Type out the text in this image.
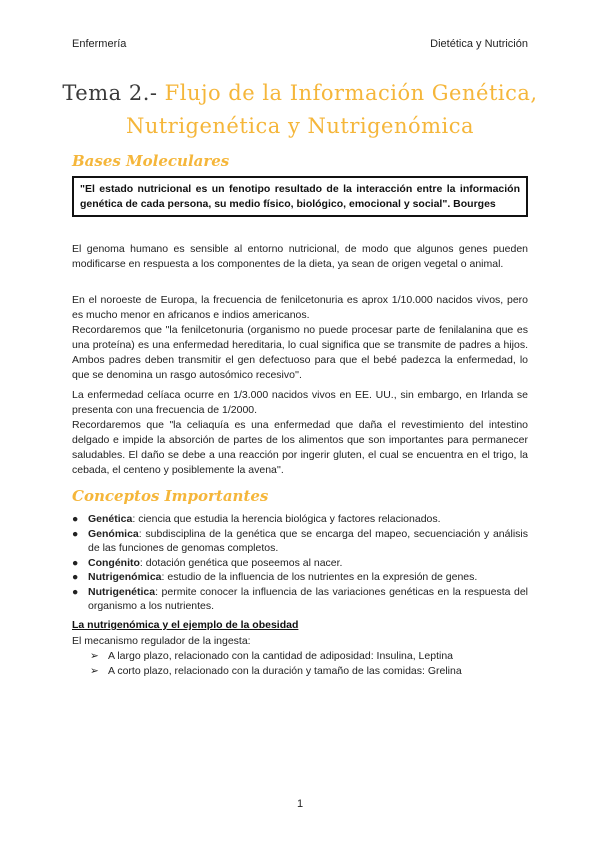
Enfermería	Dietética y Nutrición
Tema 2.- Flujo de la Información Genética,
Nutrigenética y Nutrigenómica
Bases Moleculares
"El estado nutricional es un fenotipo resultado de la interacción entre la información genética de cada persona, su medio físico, biológico, emocional y social". Bourges
El genoma humano es sensible al entorno nutricional, de modo que algunos genes pueden modificarse en respuesta a los componentes de la dieta, ya sean de origen vegetal o animal.
En el noroeste de Europa, la frecuencia de fenilcetonuria es aprox 1/10.000 nacidos vivos, pero es mucho menor en africanos e indios americanos.
Recordaremos que "la fenilcetonuria (organismo no puede procesar parte de fenilalanina que es una proteína) es una enfermedad hereditaria, lo cual significa que se transmite de padres a hijos. Ambos padres deben transmitir el gen defectuoso para que el bebé padezca la enfermedad, lo que se denomina un rasgo autosómico recesivo''.
La enfermedad celíaca ocurre en 1/3.000 nacidos vivos en EE. UU., sin embargo, en Irlanda se presenta con una frecuencia de 1/2000.
Recordaremos que "la celiaquía es una enfermedad que daña el revestimiento del intestino delgado e impide la absorción de partes de los alimentos que son importantes para permanecer saludables. El daño se debe a una reacción por ingerir gluten, el cual se encuentra en el trigo, la cebada, el centeno y posiblemente la avena''.
Conceptos Importantes
● Genética: ciencia que estudia la herencia biológica y factores relacionados.
● Genómica: subdisciplina de la genética que se encarga del mapeo, secuenciación y análisis de las funciones de genomas completos.
● Congénito: dotación genética que poseemos al nacer.
● Nutrigenómica: estudio de la influencia de los nutrientes en la expresión de genes.
● Nutrigenética: permite conocer la influencia de las variaciones genéticas en la respuesta del organismo a los nutrientes.
La nutrigenómica y el ejemplo de la obesidad
El mecanismo regulador de la ingesta:
➢ A largo plazo, relacionado con la cantidad de adiposidad: Insulina, Leptina
➢ A corto plazo, relacionado con la duración y tamaño de las comidas: Grelina
1
